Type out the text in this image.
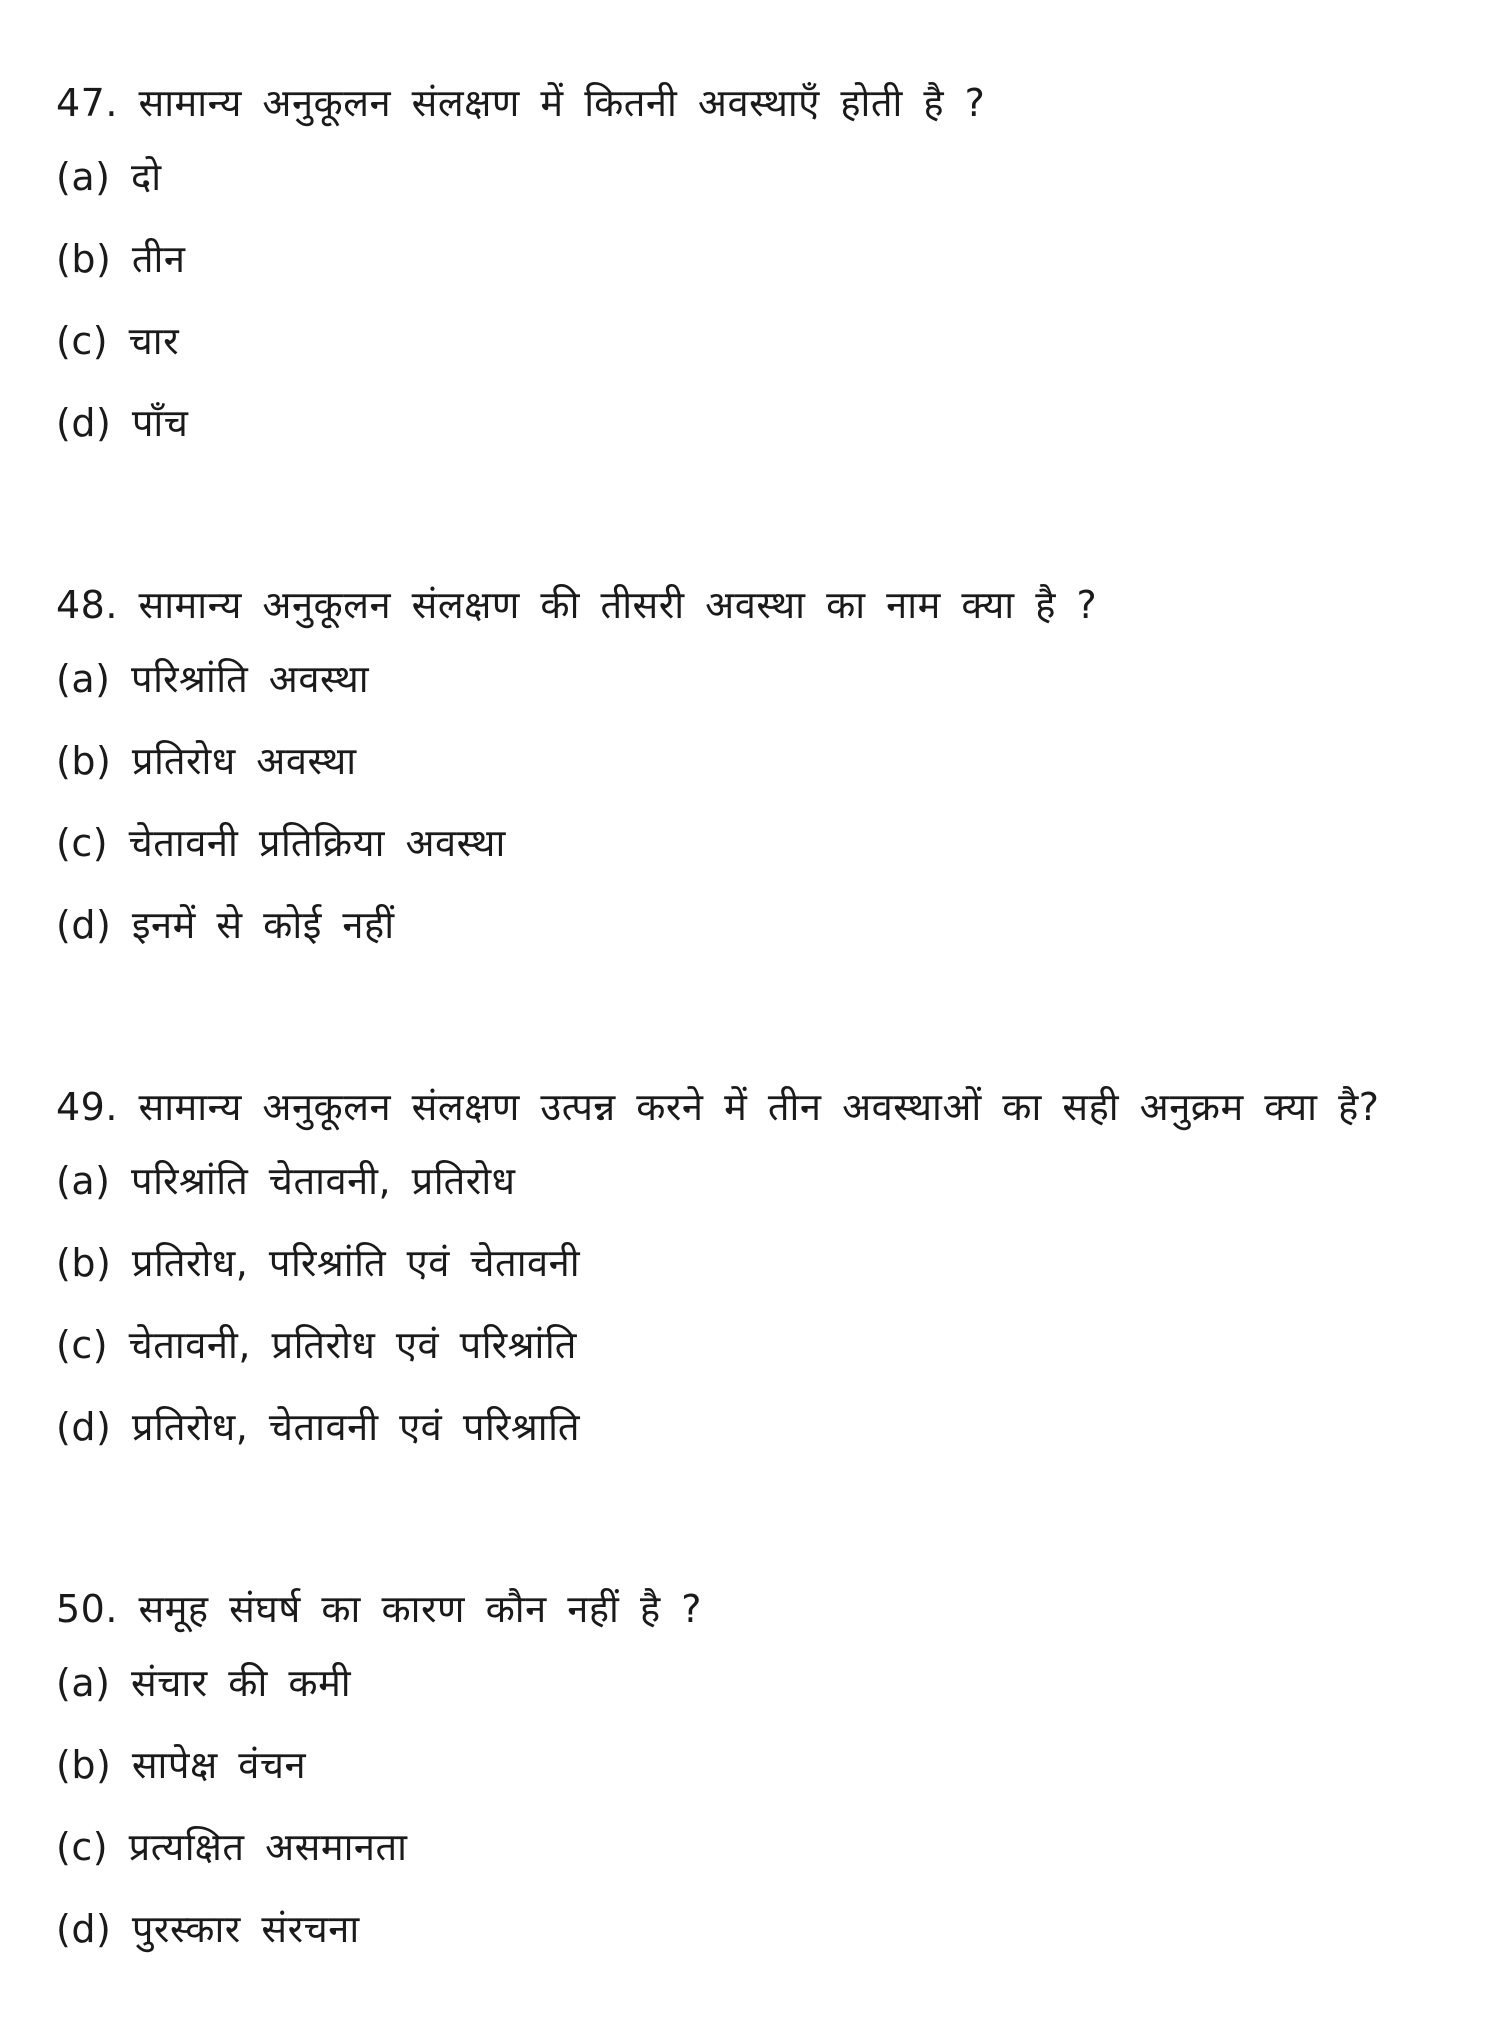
47. सामान्य अनुकूलन संलक्षण में कितनी अवस्थाएँ होती है ?

(a) दो

(b) तीन

(c) चार

(d) पाँच

48. सामान्य अनुकूलन संलक्षण की तीसरी अवस्था का नाम क्या है ?

(a) परिश्रांति अवस्था

(b) प्रतिरोध अवस्था

(c) चेतावनी प्रतिक्रिया अवस्था

(d) इनमें से कोई नहीं

49. सामान्य अनुकूलन संलक्षण उत्पन्न करने में तीन अवस्थाओं का सही अनुक्रम क्या है?

(a) परिश्रांति चेतावनी, प्रतिरोध

(b) प्रतिरोध, परिश्रांति एवं चेतावनी

(c) चेतावनी, प्रतिरोध एवं परिश्रांति

(d) प्रतिरोध, चेतावनी एवं परिश्राति

50. समूह संघर्ष का कारण कौन नहीं है ?

(a) संचार की कमी

(b) सापेक्ष वंचन

(c) प्रत्यक्षित असमानता

(d) पुरस्कार संरचना
